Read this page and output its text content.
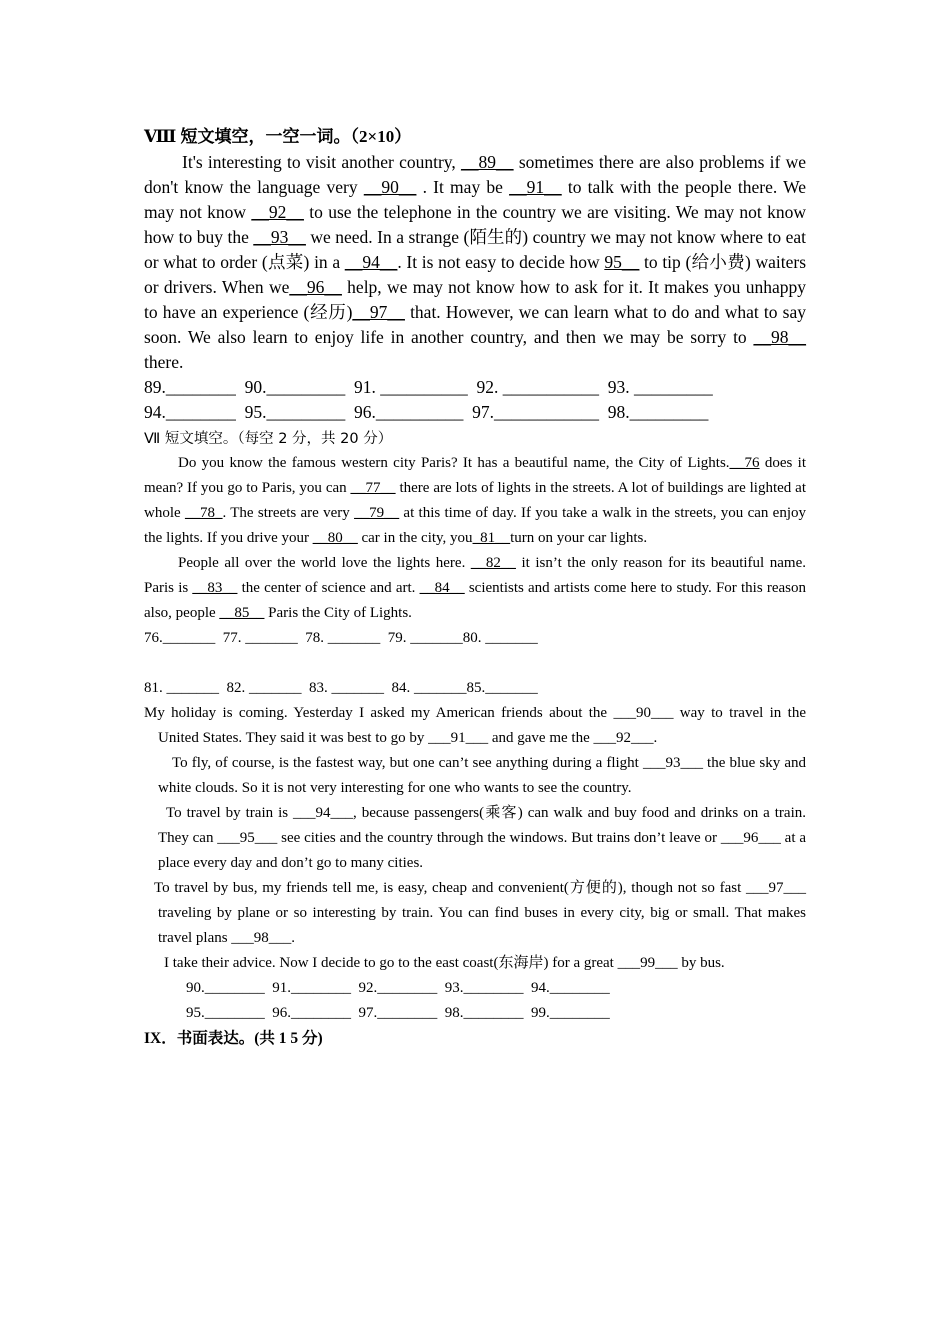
Ⅷ 短文填空，一空一词。（2×10）

It's interesting to visit another country, __89__ sometimes there are also problems if we don't know the language very __90__ . It may be __91__ to talk with the people there. We may not know __92__ to use the telephone in the country we are visiting. We may not know how to buy the __93__ we need. In a strange (陌生的) country we may not know where to eat or what to order (点菜) in a __94__. It is not easy to decide how 95__ to tip (给小费) waiters or drivers. When we__96__ help, we may not know how to ask for it. It makes you unhappy to have an experience (经历)__97__ that. However, we can learn what to do and what to say soon. We also learn to enjoy life in another country, and then we may be sorry to __98__ there.

89.________  90._________  91. __________  92. ___________  93. _________

94.________  95._________  96.__________  97.____________  98._________

Ⅶ 短文填空。（每空 2 分，共 20 分）

Do you know the famous western city Paris? It has a beautiful name, the City of Lights.__76 does it mean? If you go to Paris, you can __77__ there are lots of lights in the streets. A lot of buildings are lighted at whole __78_. The streets are very __79__ at this time of day. If you take a walk in the streets, you can enjoy the lights. If you drive your __80__ car in the city, you_81__turn on your car lights.

People all over the world love the lights here. __82__ it isn’t the only reason for its beautiful name. Paris is __83__ the center of science and art. __84__ scientists and artists come here to study. For this reason also, people __85__ Paris the City of Lights.

76._______  77. _______  78. _______  79. _______80. _______

81. _______  82. _______  83. _______  84. _______85._______

My holiday is coming. Yesterday I asked my American friends about the ___90___ way to travel in the United States. They said it was best to go by ___91___ and gave me the ___92___.

To fly, of course, is the fastest way, but one can’t see anything during a flight ___93___ the blue sky and white clouds. So it is not very interesting for one who wants to see the country.

To travel by train is ___94___, because passengers(乘客) can walk and buy food and drinks on a train. They can ___95___ see cities and the country through the windows. But trains don’t leave or ___96___ at a place every day and don’t go to many cities.

To travel by bus, my friends tell me, is easy, cheap and convenient(方便的), though not so fast ___97___ traveling by plane or so interesting by train. You can find buses in every city, big or small. That makes travel plans ___98___.

I take their advice. Now I decide to go to the east coast(东海岸) for a great ___99___ by bus.

90.________  91.________  92.________  93.________  94.________

95.________  96.________  97.________  98.________  99.________

IX．书面表达。(共 1 5 分)
